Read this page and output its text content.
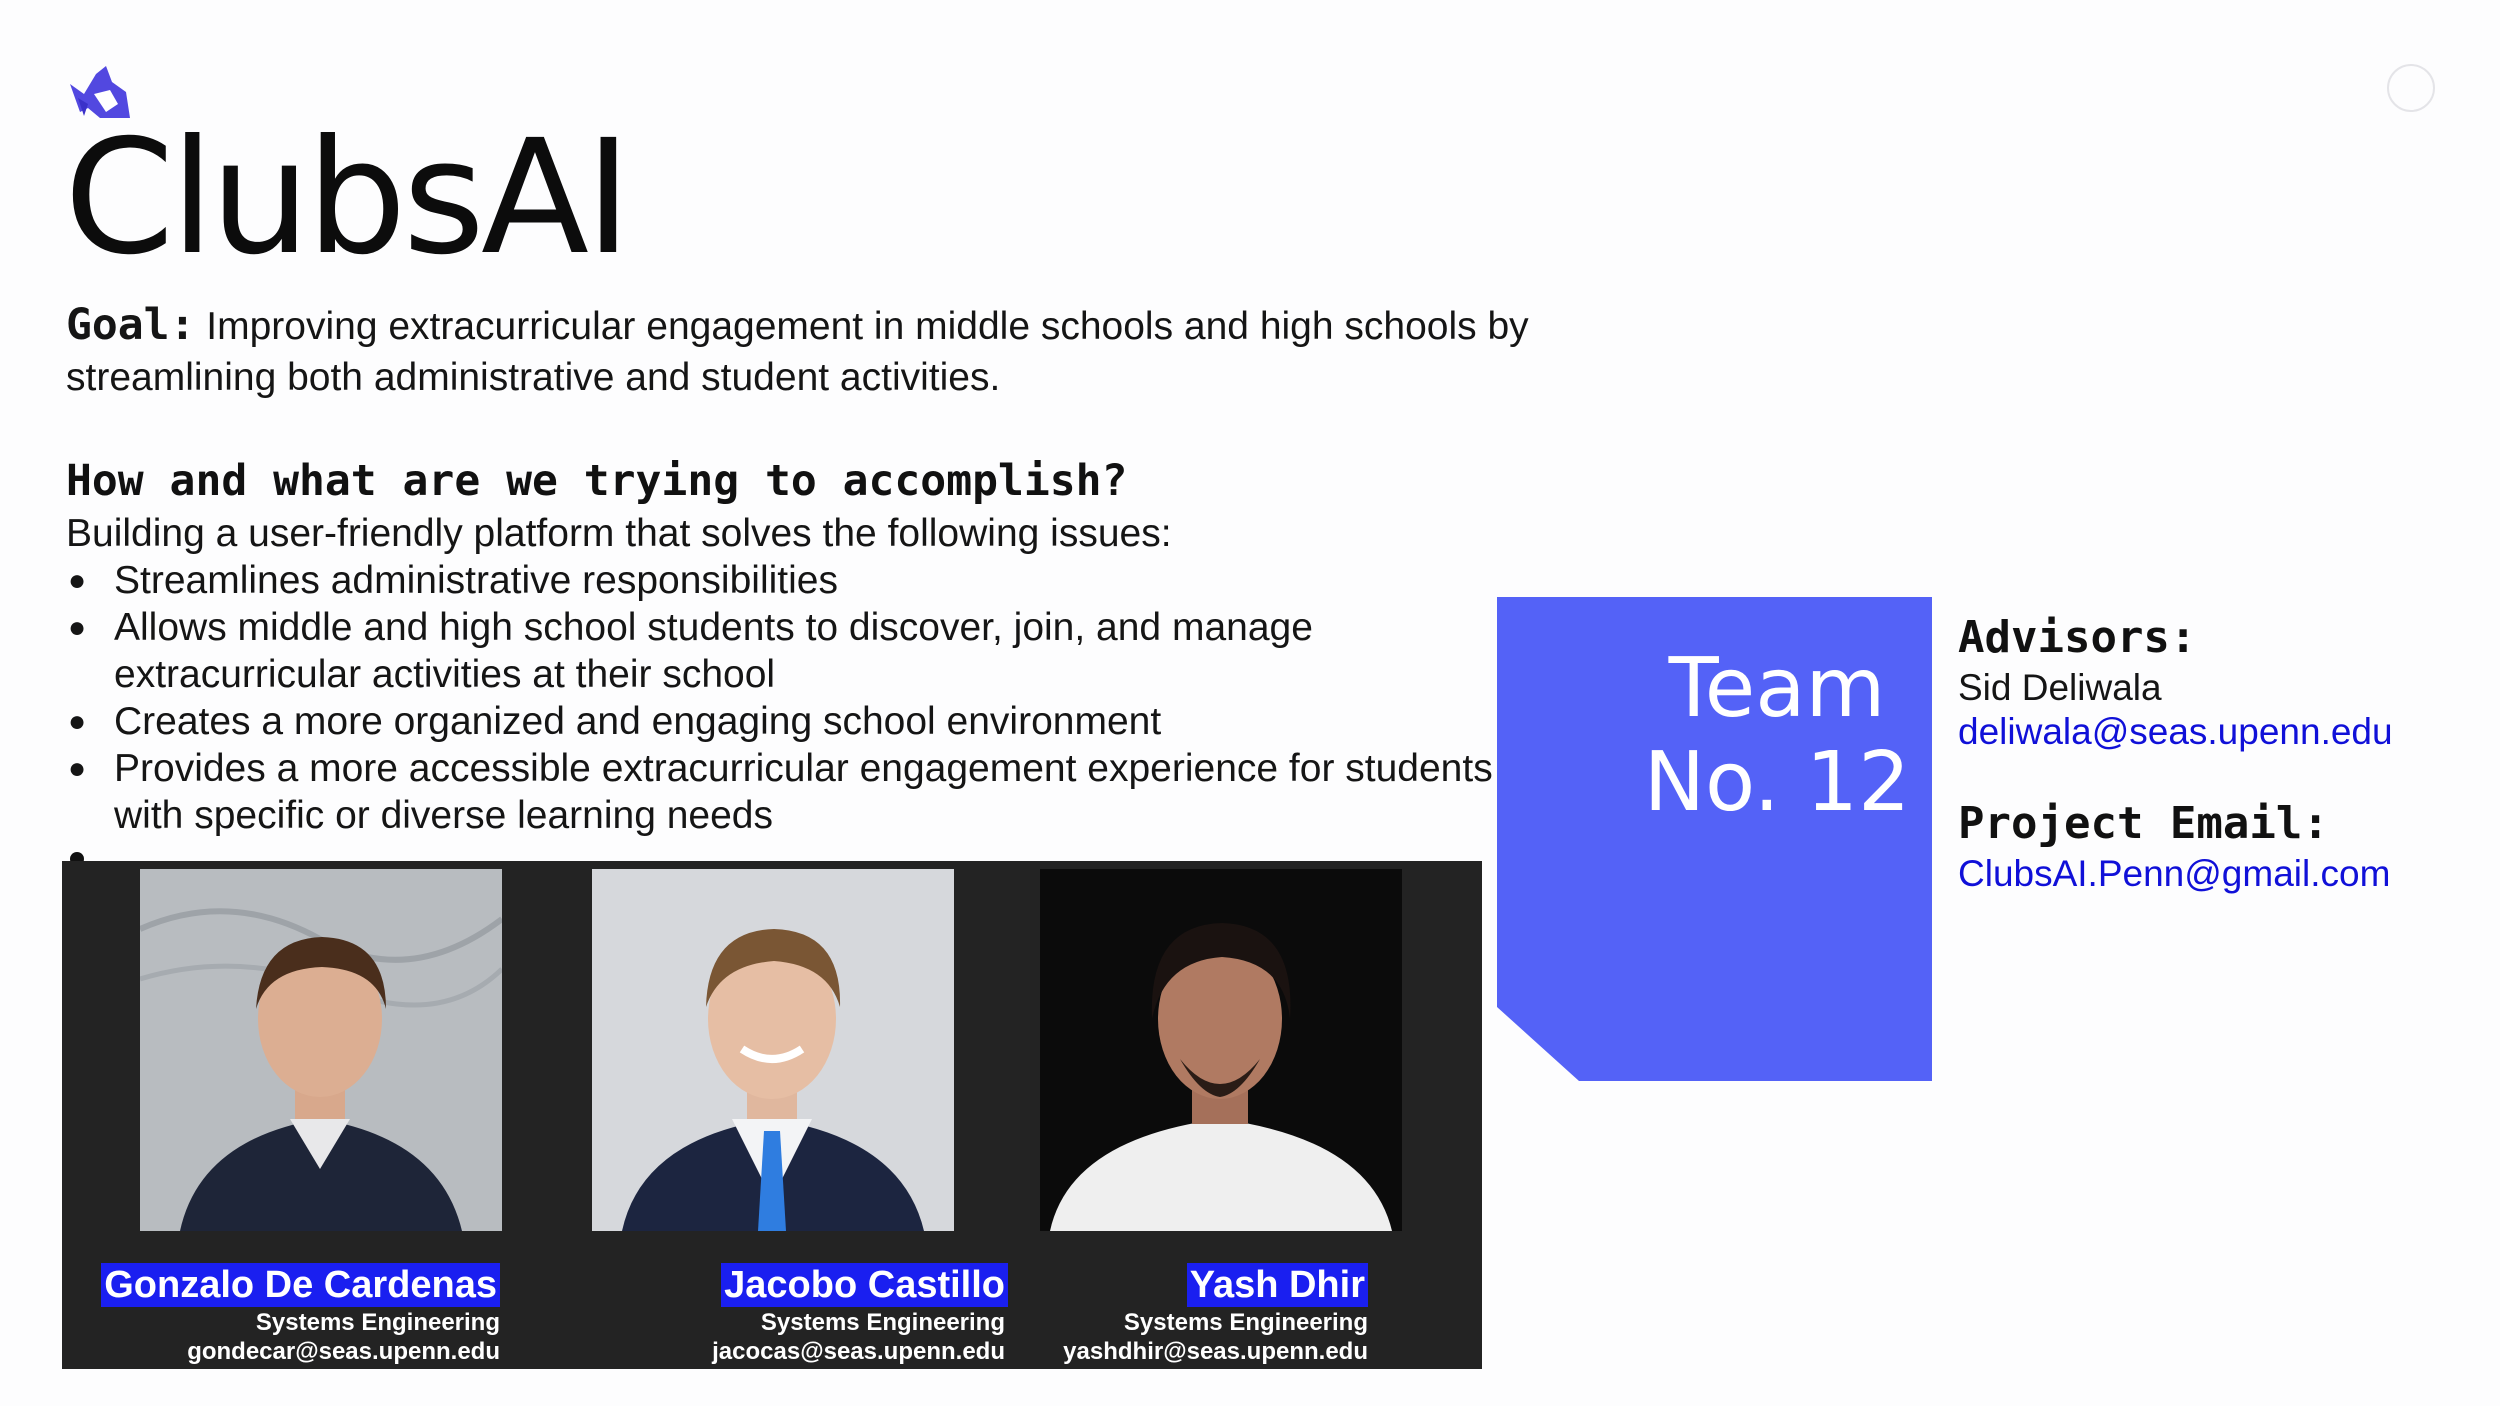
ClubsAI
Goal: Improving extracurricular engagement in middle schools and high schools by streamlining both administrative and student activities.
How and what are we trying to accomplish?
Building a user-friendly platform that solves the following issues:
● Streamlines administrative responsibilities
● Allows middle and high school students to discover, join, and manage extracurricular activities at their school
● Creates a more organized and engaging school environment
● Provides a more accessible extracurricular engagement experience for students with specific or diverse learning needs
Gonzalo De Cardenas
Systems Engineering
gondecar@seas.upenn.edu
Jacobo Castillo
Systems Engineering
jacocas@seas.upenn.edu
Yash Dhir
Systems Engineering
yashdhir@seas.upenn.edu
Team
No. 12
Advisors:
Sid Deliwala
deliwala@seas.upenn.edu
Project Email:
ClubsAI.Penn@gmail.com
